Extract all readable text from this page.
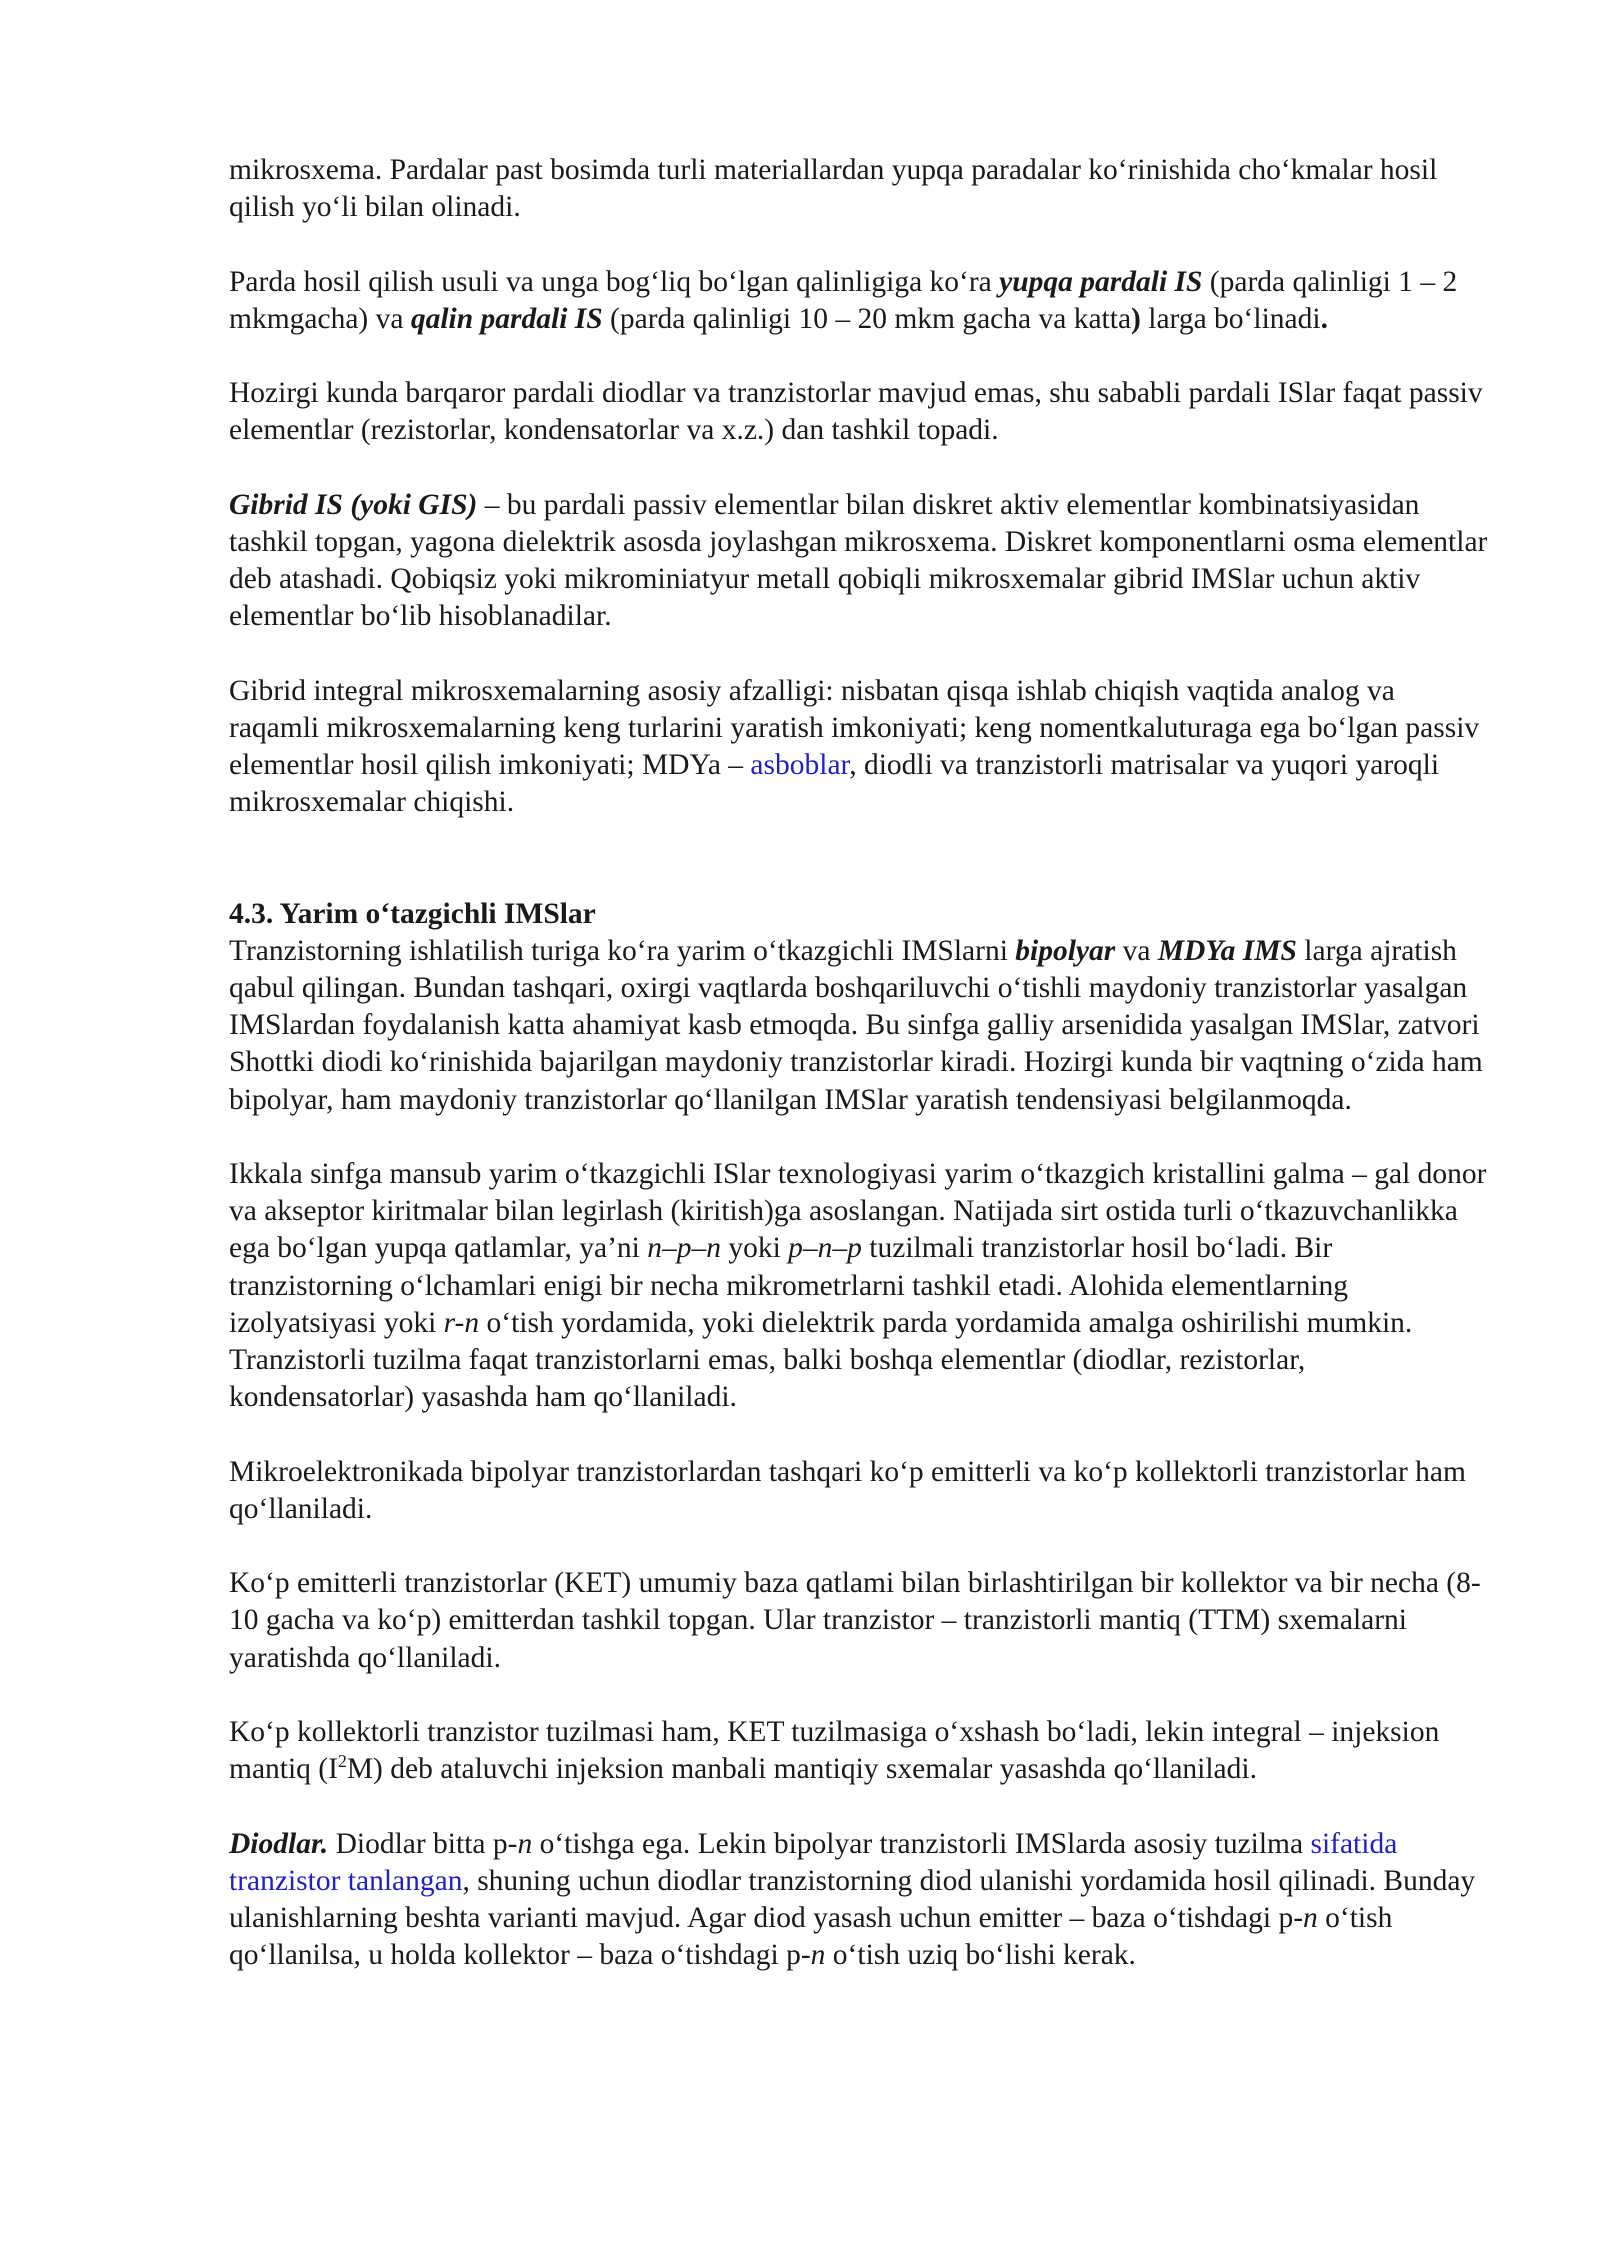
mikrosxema. Pardalar past bosimda turli materiallardan yupqa paradalar ko‘rinishida cho‘kmalar hosil qilish yo‘li bilan olinadi.

Parda hosil qilish usuli va unga bog‘liq bo‘lgan qalinligiga ko‘ra yupqa pardali IS (parda qalinligi 1 – 2 mkmgacha) va qalin pardali IS (parda qalinligi 10 – 20 mkm gacha va katta) larga bo‘linadi.

Hozirgi kunda barqaror pardali diodlar va tranzistorlar mavjud emas, shu sababli pardali ISlar faqat passiv elementlar (rezistorlar, kondensatorlar va x.z.) dan tashkil topadi.

Gibrid IS (yoki GIS) – bu pardali passiv elementlar bilan diskret aktiv elementlar kombinatsiyasidan tashkil topgan, yagona dielektrik asosda joylashgan mikrosxema. Diskret komponentlarni osma elementlar deb atashadi. Qobiqsiz yoki mikrominiatyur metall qobiqli mikrosxemalar gibrid IMSlar uchun aktiv elementlar bo‘lib hisoblanadilar.

Gibrid integral mikrosxemalarning asosiy afzalligi: nisbatan qisqa ishlab chiqish vaqtida analog va raqamli mikrosxemalarning keng turlarini yaratish imkoniyati; keng nomentkaluturaga ega bo‘lgan passiv elementlar hosil qilish imkoniyati; MDYa – asboblar, diodli va tranzistorli matrisalar va yuqori yaroqli mikrosxemalar chiqishi.

4.3. Yarim o‘tazgichli IMSlar

Tranzistorning ishlatilish turiga ko‘ra yarim o‘tkazgichli IMSlarni bipolyar va MDYa IMS larga ajratish qabul qilingan. Bundan tashqari, oxirgi vaqtlarda boshqariluvchi o‘tishli maydoniy tranzistorlar yasalgan IMSlardan foydalanish katta ahamiyat kasb etmoqda. Bu sinfga galliy arsenidida yasalgan IMSlar, zatvori Shottki diodi ko‘rinishida bajarilgan maydoniy tranzistorlar kiradi. Hozirgi kunda bir vaqtning o‘zida ham bipolyar, ham maydoniy tranzistorlar qo‘llanilgan IMSlar yaratish tendensiyasi belgilanmoqda.

Ikkala sinfga mansub yarim o‘tkazgichli ISlar texnologiyasi yarim o‘tkazgich kristallini galma – gal donor va akseptor kiritmalar bilan legirlash (kiritish)ga asoslangan. Natijada sirt ostida turli o‘tkazuvchanlikka ega bo‘lgan yupqa qatlamlar, ya’ni n–p–n yoki p–n–p tuzilmali tranzistorlar hosil bo‘ladi. Bir tranzistorning o‘lchamlari enigi bir necha mikrometrlarni tashkil etadi. Alohida elementlarning izolyatsiyasi yoki r-n o‘tish yordamida, yoki dielektrik parda yordamida amalga oshirilishi mumkin. Tranzistorli tuzilma faqat tranzistorlarni emas, balki boshqa elementlar (diodlar, rezistorlar, kondensatorlar) yasashda ham qo‘llaniladi.

Mikroelektronikada bipolyar tranzistorlardan tashqari ko‘p emitterli va ko‘p kollektorli tranzistorlar ham qo‘llaniladi.

Ko‘p emitterli tranzistorlar (KET) umumiy baza qatlami bilan birlashtirilgan bir kollektor va bir necha (8-10 gacha va ko‘p) emitterdan tashkil topgan. Ular tranzistor – tranzistorli mantiq (TTM) sxemalarni yaratishda qo‘llaniladi.

Ko‘p kollektorli tranzistor tuzilmasi ham, KET tuzilmasiga o‘xshash bo‘ladi, lekin integral – injeksion mantiq $(I^2M)$ deb ataluvchi injeksion manbali mantiqiy sxemalar yasashda qo‘llaniladi.

Diodlar. Diodlar bitta p-n o‘tishga ega. Lekin bipolyar tranzistorli IMSlarda asosiy tuzilma sifatida tranzistor tanlangan, shuning uchun diodlar tranzistorning diod ulanishi yordamida hosil qilinadi. Bunday ulanishlarning beshta varianti mavjud. Agar diod yasash uchun emitter – baza o‘tishdagi p-n o‘tish qo‘llanilsa, u holda kollektor – baza o‘tishdagi p-n o‘tish uziq bo‘lishi kerak.
